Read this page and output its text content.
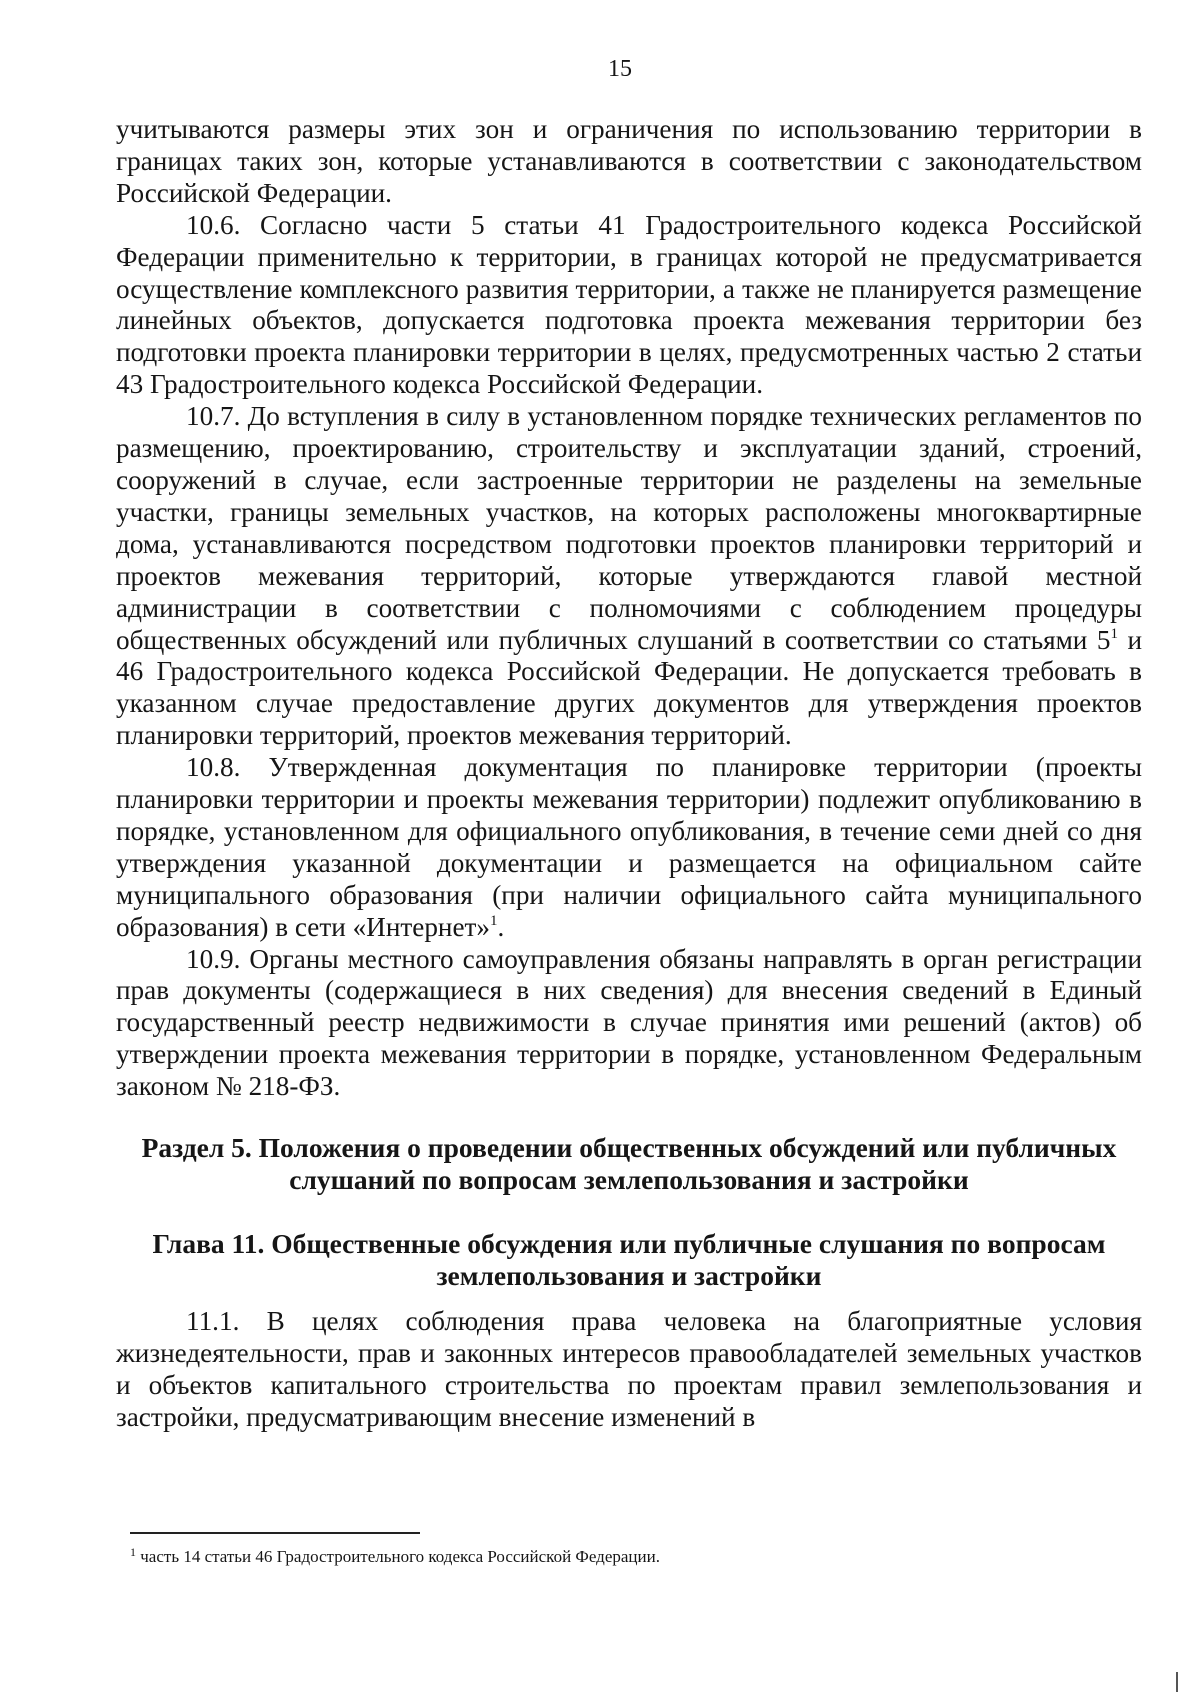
15

учитываются размеры этих зон и ограничения по использованию территории в границах таких зон, которые устанавливаются в соответствии с законодательством Российской Федерации.

10.6. Согласно части 5 статьи 41 Градостроительного кодекса Российской Федерации применительно к территории, в границах которой не предусматривается осуществление комплексного развития территории, а также не планируется размещение линейных объектов, допускается подготовка проекта межевания территории без подготовки проекта планировки территории в целях, предусмотренных частью 2 статьи 43 Градостроительного кодекса Российской Федерации.

10.7. До вступления в силу в установленном порядке технических регламентов по размещению, проектированию, строительству и эксплуатации зданий, строений, сооружений в случае, если застроенные территории не разделены на земельные участки, границы земельных участков, на которых расположены многоквартирные дома, устанавливаются посредством подготовки проектов планировки территорий и проектов межевания территорий, которые утверждаются главой местной администрации в соответствии с полномочиями с соблюдением процедуры общественных обсуждений или публичных слушаний в соответствии со статьями $5^1$ и 46 Градостроительного кодекса Российской Федерации. Не допускается требовать в указанном случае предоставление других документов для утверждения проектов планировки территорий, проектов межевания территорий.

10.8. Утвержденная документация по планировке территории (проекты планировки территории и проекты межевания территории) подлежит опубликованию в порядке, установленном для официального опубликования, в течение семи дней со дня утверждения указанной документации и размещается на официальном сайте муниципального образования (при наличии официального сайта муниципального образования) в сети «Интернет»$^1$.

10.9. Органы местного самоуправления обязаны направлять в орган регистрации прав документы (содержащиеся в них сведения) для внесения сведений в Единый государственный реестр недвижимости в случае принятия ими решений (актов) об утверждении проекта межевания территории в порядке, установленном Федеральным законом № 218-ФЗ.

Раздел 5. Положения о проведении общественных обсуждений или публичных слушаний по вопросам землепользования и застройки

Глава 11. Общественные обсуждения или публичные слушания по вопросам землепользования и застройки

11.1. В целях соблюдения права человека на благоприятные условия жизнедеятельности, прав и законных интересов правообладателей земельных участков и объектов капитального строительства по проектам правил землепользования и застройки, предусматривающим внесение изменений в

$^1$ часть 14 статьи 46 Градостроительного кодекса Российской Федерации.
